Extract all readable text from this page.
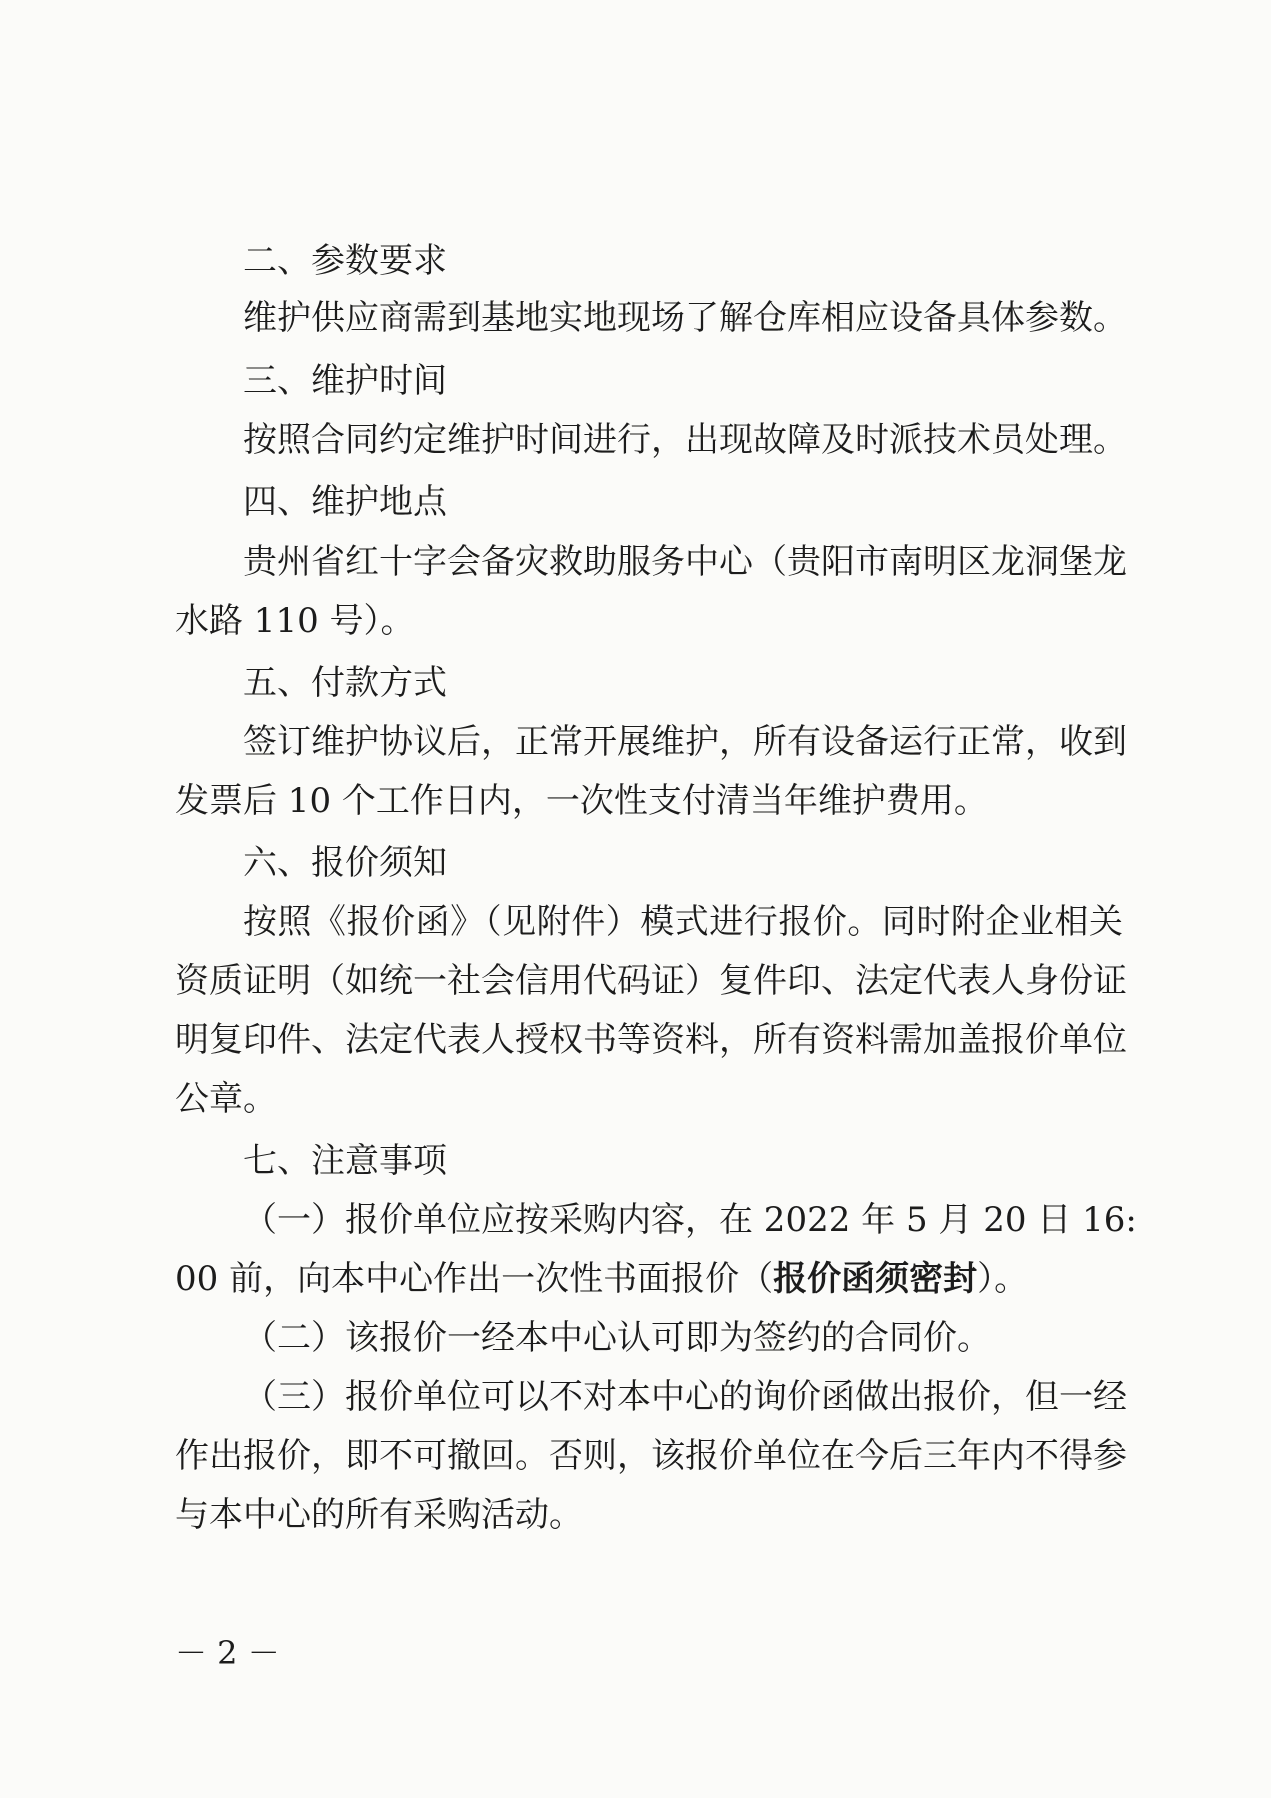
二、参数要求
维护供应商需到基地实地现场了解仓库相应设备具体参数。
三、维护时间
按照合同约定维护时间进行，出现故障及时派技术员处理。
四、维护地点
贵州省红十字会备灾救助服务中心（贵阳市南明区龙洞堡龙
水路 110 号）。
五、付款方式
签订维护协议后，正常开展维护，所有设备运行正常，收到
发票后 10 个工作日内，一次性支付清当年维护费用。
六、报价须知
按照《报价函》（见附件）模式进行报价。同时附企业相关
资质证明（如统一社会信用代码证）复件印、法定代表人身份证
明复印件、法定代表人授权书等资料，所有资料需加盖报价单位
公章。
七、注意事项
（一）报价单位应按采购内容，在 2022 年 5 月 20 日 16:
00 前，向本中心作出一次性书面报价（报价函须密封）。
（二）该报价一经本中心认可即为签约的合同价。
（三）报价单位可以不对本中心的询价函做出报价，但一经
作出报价，即不可撤回。否则，该报价单位在今后三年内不得参
与本中心的所有采购活动。
－ 2 －
